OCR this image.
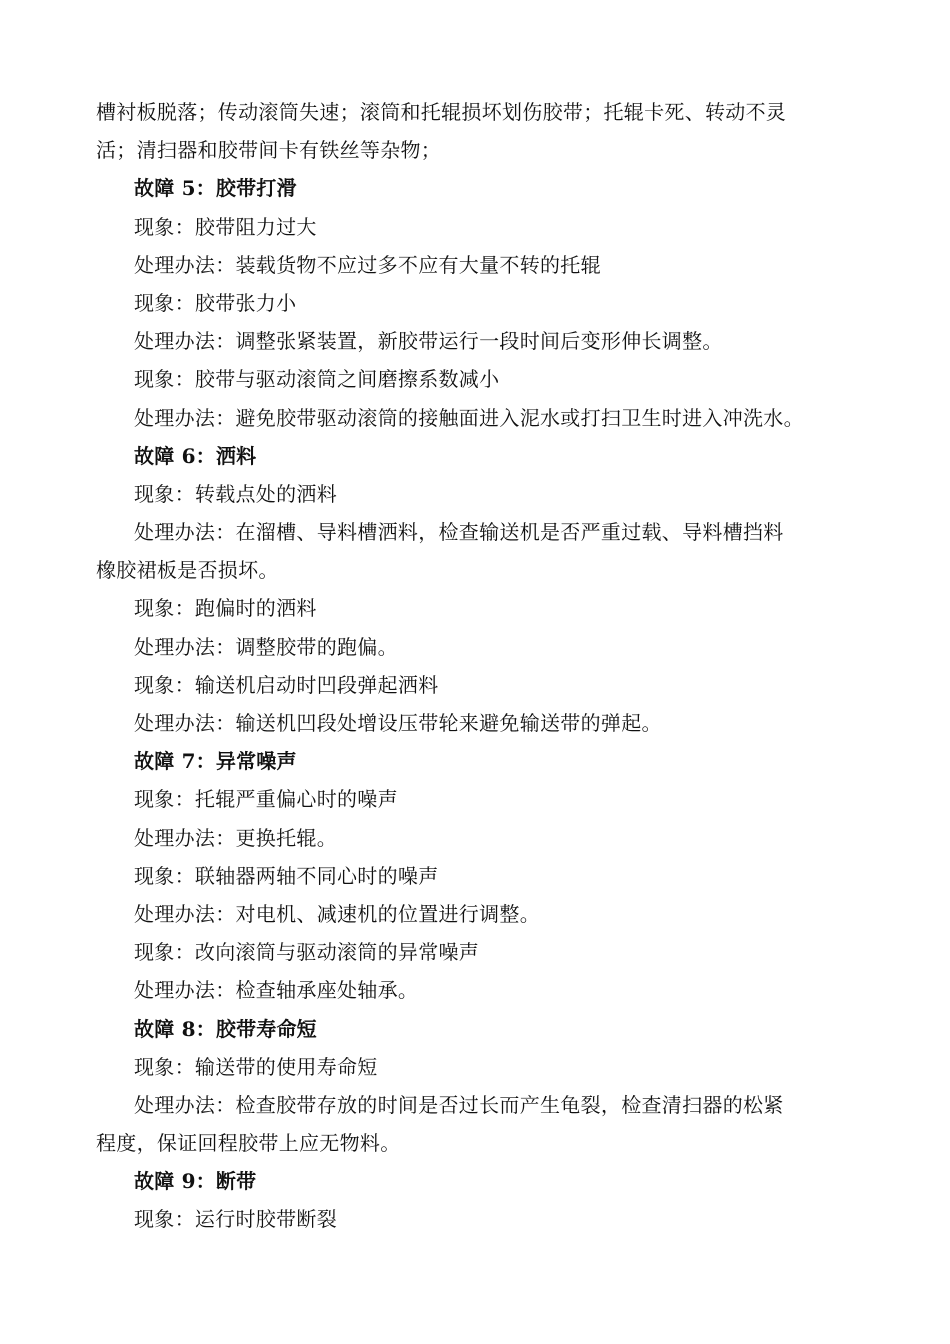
槽衬板脱落；传动滚筒失速；滚筒和托辊损坏划伤胶带；托辊卡死、转动不灵
活；清扫器和胶带间卡有铁丝等杂物；
故障 5：胶带打滑
现象：胶带阻力过大
处理办法：装载货物不应过多不应有大量不转的托辊
现象：胶带张力小
处理办法：调整张紧装置，新胶带运行一段时间后变形伸长调整。
现象：胶带与驱动滚筒之间磨擦系数减小
处理办法：避免胶带驱动滚筒的接触面进入泥水或打扫卫生时进入冲洗水。
故障 6：洒料
现象：转载点处的洒料
处理办法：在溜槽、导料槽洒料，检查输送机是否严重过载、导料槽挡料
橡胶裙板是否损坏。
现象：跑偏时的洒料
处理办法：调整胶带的跑偏。
现象：输送机启动时凹段弹起洒料
处理办法：输送机凹段处增设压带轮来避免输送带的弹起。
故障 7：异常噪声
现象：托辊严重偏心时的噪声
处理办法：更换托辊。
现象：联轴器两轴不同心时的噪声
处理办法：对电机、减速机的位置进行调整。
现象：改向滚筒与驱动滚筒的异常噪声
处理办法：检查轴承座处轴承。
故障 8：胶带寿命短
现象：输送带的使用寿命短
处理办法：检查胶带存放的时间是否过长而产生龟裂，检查清扫器的松紧
程度，保证回程胶带上应无物料。
故障 9：断带
现象：运行时胶带断裂
